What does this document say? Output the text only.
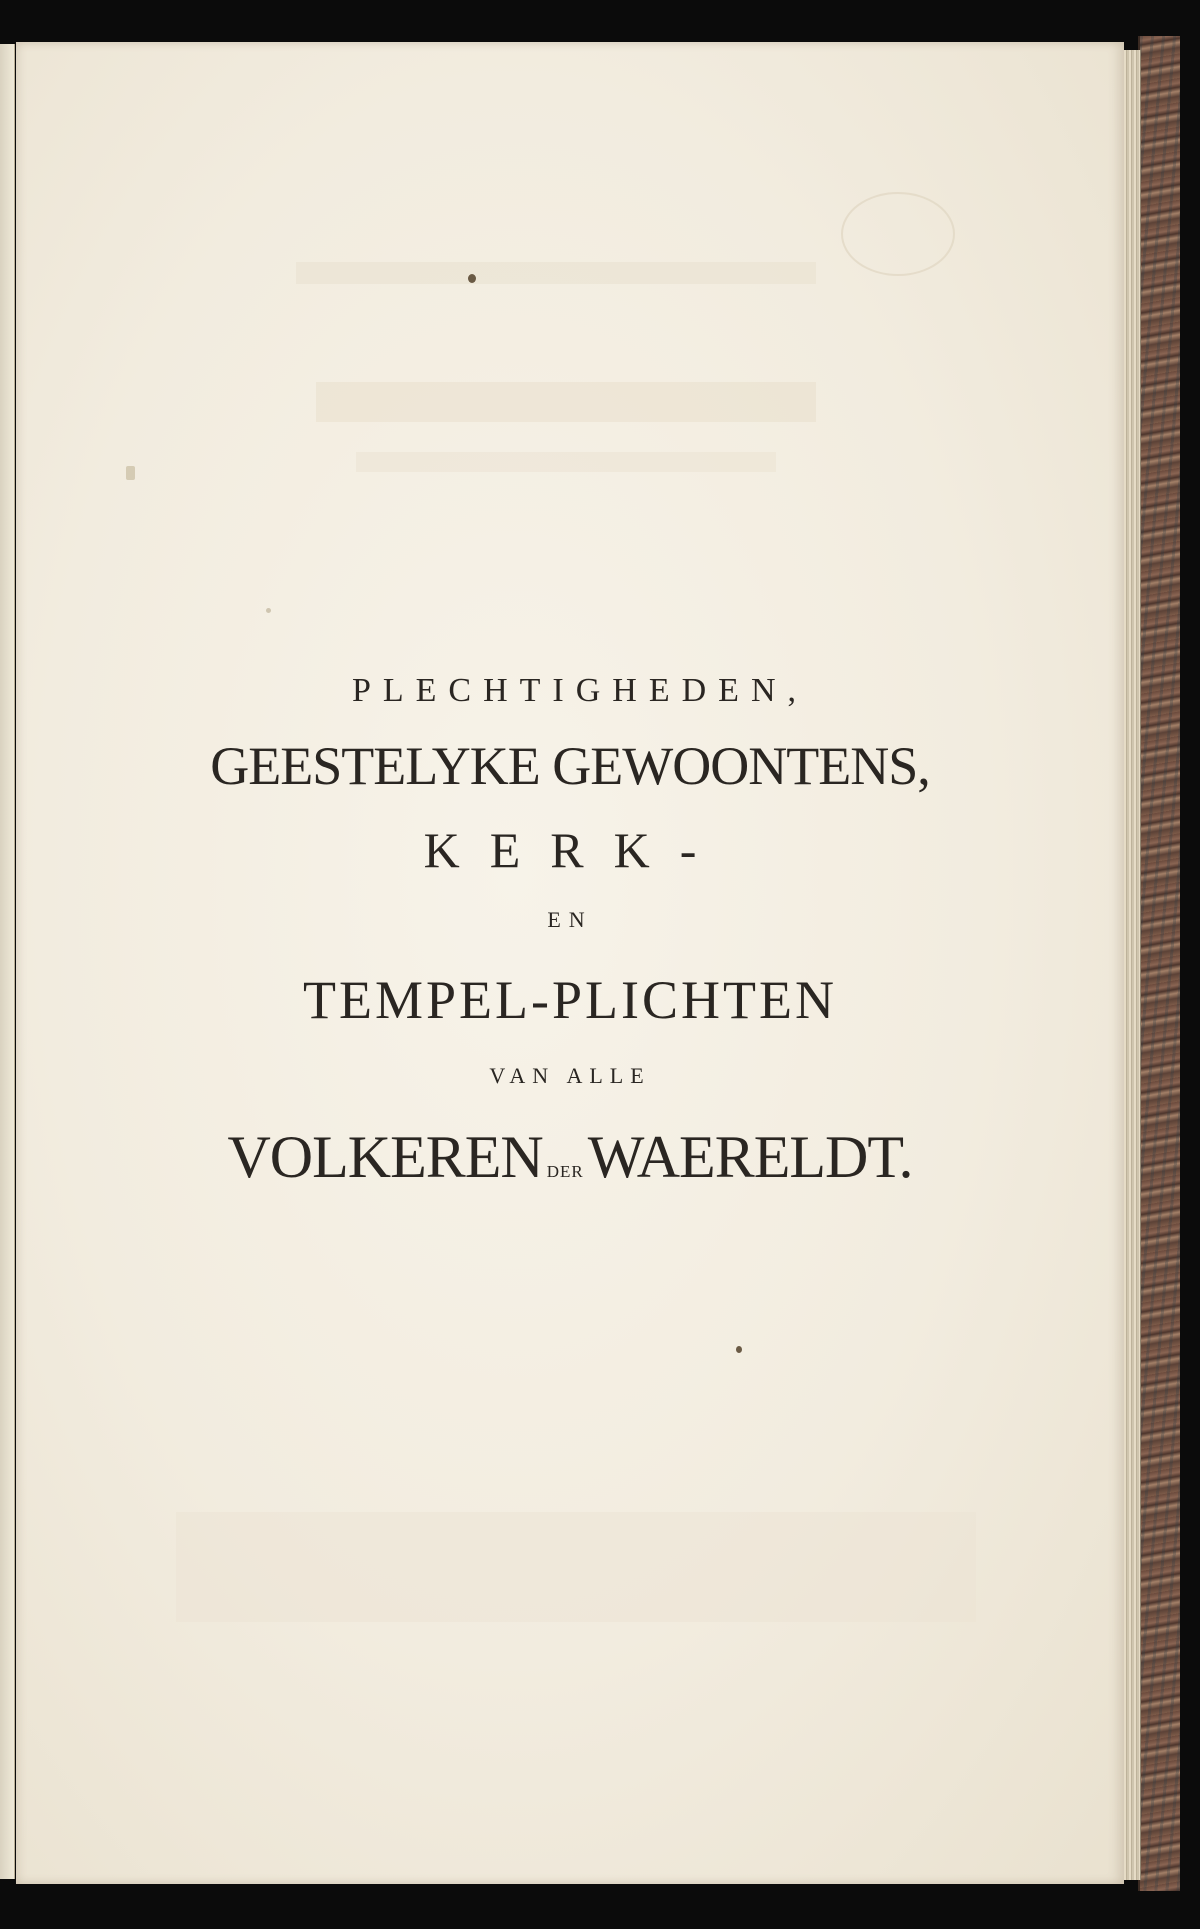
PLECHTIGHEDEN,
GEESTELYKE GEWOONTENS,
KERK-
EN
TEMPEL-PLICHTEN
VAN ALLE
VOLKEREN DERWAERELDT.
